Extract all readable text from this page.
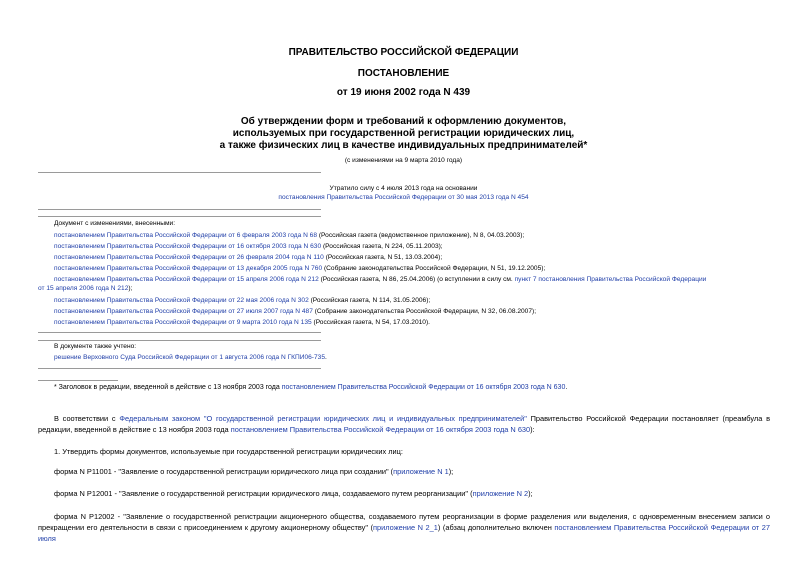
ПРАВИТЕЛЬСТВО РОССИЙСКОЙ ФЕДЕРАЦИИ
ПОСТАНОВЛЕНИЕ
от 19 июня 2002 года N 439
Об утверждении форм и требований к оформлению документов,
используемых при государственной регистрации юридических лиц,
а также физических лиц в качестве индивидуальных предпринимателей*
(с изменениями на 9 марта 2010 года)
Утратило силу с 4 июля 2013 года на основании
постановления Правительства Российской Федерации от 30 мая 2013 года N 454
Документ с изменениями, внесенными:
постановлением Правительства Российской Федерации от 6 февраля 2003 года N 68 (Российская газета (ведомственное приложение), N 8, 04.03.2003);
постановлением Правительства Российской Федерации от 16 октября 2003 года N 630 (Российская газета, N 224, 05.11.2003);
постановлением Правительства Российской Федерации от 26 февраля 2004 года N 110 (Российская газета, N 51, 13.03.2004);
постановлением Правительства Российской Федерации от 13 декабря 2005 года N 760 (Собрание законодательства Российской Федерации, N 51, 19.12.2005);
постановлением Правительства Российской Федерации от 15 апреля 2006 года N 212 (Российская газета, N 86, 25.04.2006) (о вступлении в силу см. пункт 7 постановления Правительства Российской Федерации
от 15 апреля 2006 года N 212);
постановлением Правительства Российской Федерации от 22 мая 2006 года N 302 (Российская газета, N 114, 31.05.2006);
постановлением Правительства Российской Федерации от 27 июля 2007 года N 487 (Собрание законодательства Российской Федерации, N 32, 06.08.2007);
постановлением Правительства Российской Федерации от 9 марта 2010 года N 135 (Российская газета, N 54, 17.03.2010).
В документе также учтено:
решение Верховного Суда Российской Федерации от 1 августа 2006 года N ГКПИ06-735.
* Заголовок в редакции, введенной в действие с 13 ноября 2003 года постановлением Правительства Российской Федерации от 16 октября 2003 года N 630.
В соответствии с Федеральным законом "О государственной регистрации юридических лиц и индивидуальных предпринимателей" Правительство Российской Федерации постановляет (преамбула в редакции, введенной в действие с 13 ноября 2003 года постановлением Правительства Российской Федерации от 16 октября 2003 года N 630):
1. Утвердить формы документов, используемые при государственной регистрации юридических лиц:
форма N Р11001 - "Заявление о государственной регистрации юридического лица при создании" (приложение N 1);
форма N Р12001 - "Заявление о государственной регистрации юридического лица, создаваемого путем реорганизации" (приложение N 2);
форма N Р12002 - "Заявление о государственной регистрации акционерного общества, создаваемого путем реорганизации в форме разделения или выделения, с одновременным внесением записи о прекращении его деятельности в связи с присоединением к другому акционерному обществу" (приложение N 2_1) (абзац дополнительно включен постановлением Правительства Российской Федерации от 27 июля
